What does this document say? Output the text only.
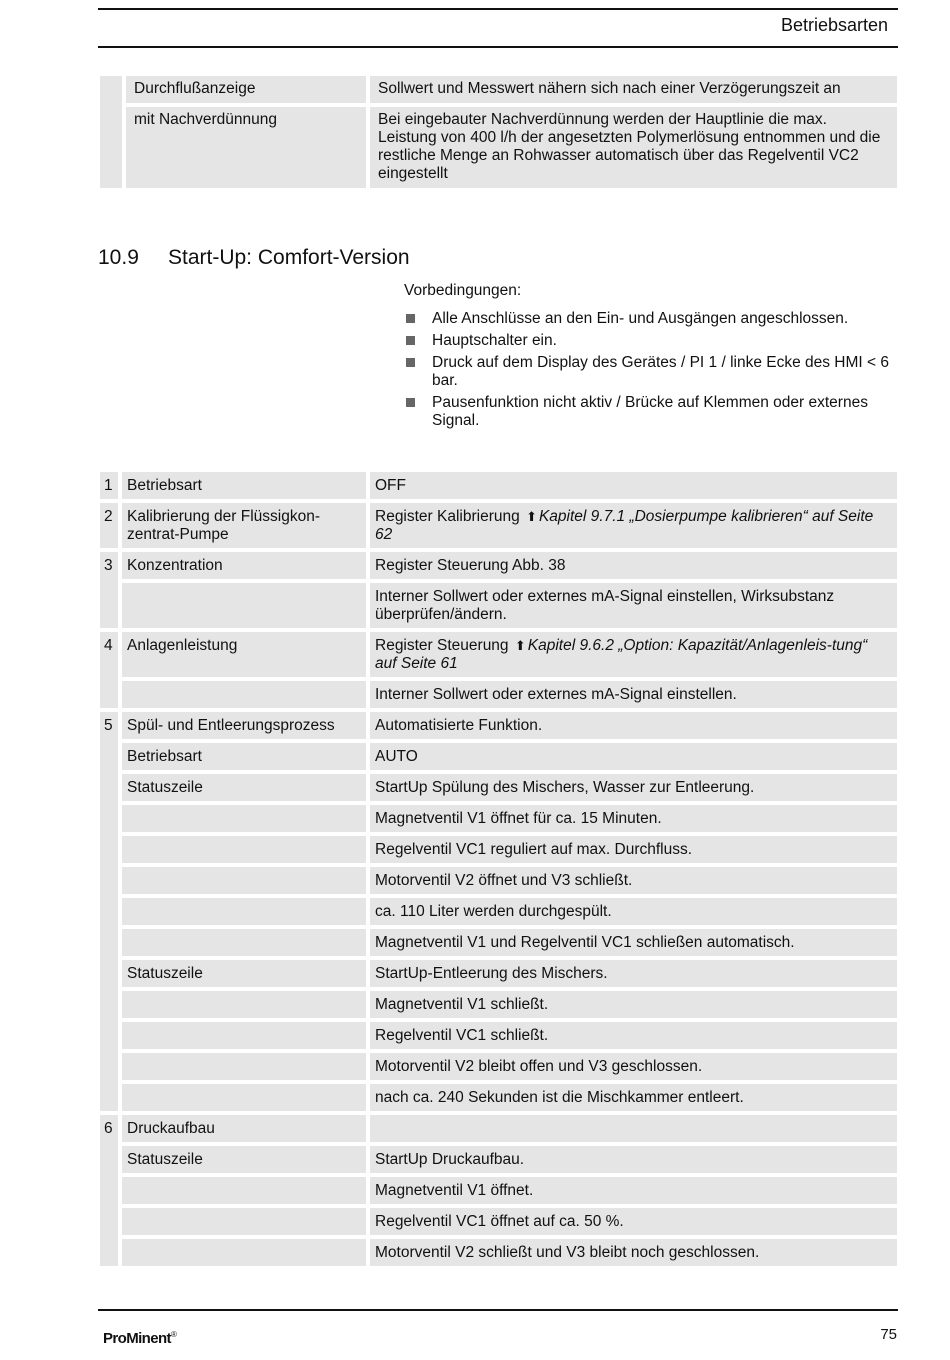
Betriebsarten
	Durchflußanzeige	Sollwert und Messwert nähern sich nach einer Verzögerungszeit an
	mit Nachverdünnung	Bei eingebauter Nachverdünnung werden der Hauptlinie die max. Leistung von 400 l/h der angesetzten Polymerlösung entnommen und die restliche Menge an Rohwasser automatisch über das Regelventil VC2 eingestellt
10.9 Start-Up: Comfort-Version
Vorbedingungen:
Alle Anschlüsse an den Ein- und Ausgängen angeschlossen.
Hauptschalter ein.
Druck auf dem Display des Gerätes / PI 1 / linke Ecke des HMI < 6 bar.
Pausenfunktion nicht aktiv / Brücke auf Klemmen oder externes Signal.
1	Betriebsart	OFF
2	Kalibrierung der Flüssigkon-zentrat-Pumpe	Register Kalibrierung ⬆︎ Kapitel 9.7.1 „Dosierpumpe kalibrieren“ auf Seite 62
3	Konzentration	Register Steuerung Abb. 38
		Interner Sollwert oder externes mA-Signal einstellen, Wirksubstanz überprüfen/ändern.
4	Anlagenleistung	Register Steuerung ⬆︎ Kapitel 9.6.2 „Option: Kapazität/Anlagenleis-tung“ auf Seite 61
		Interner Sollwert oder externes mA-Signal einstellen.
5	Spül- und Entleerungsprozess	Automatisierte Funktion.
	Betriebsart	AUTO
	Statuszeile	StartUp Spülung des Mischers, Wasser zur Entleerung.
		Magnetventil V1 öffnet für ca. 15 Minuten.
		Regelventil VC1 reguliert auf max. Durchfluss.
		Motorventil V2 öffnet und V3 schließt.
		ca. 110 Liter werden durchgespült.
		Magnetventil V1 und Regelventil VC1 schließen automatisch.
	Statuszeile	StartUp-Entleerung des Mischers.
		Magnetventil V1 schließt.
		Regelventil VC1 schließt.
		Motorventil V2 bleibt offen und V3 geschlossen.
		nach ca. 240 Sekunden ist die Mischkammer entleert.
6	Druckaufbau	
	Statuszeile	StartUp Druckaufbau.
		Magnetventil V1 öffnet.
		Regelventil VC1 öffnet auf ca. 50 %.
		Motorventil V2 schließt und V3 bleibt noch geschlossen.
ProMinent®	75
